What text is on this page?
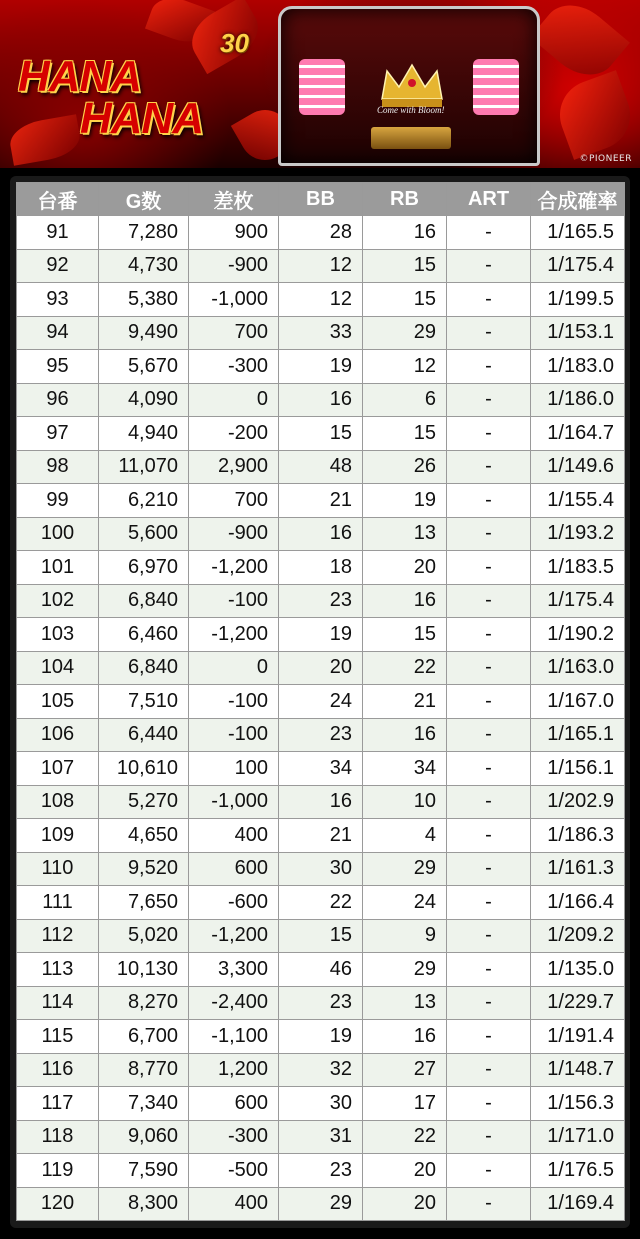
Come with Bloom!
HANA
HANA
30
©PIONEER
台番	G数	差枚	BB	RB	ART	合成確率
91	7,280	900	28	16	-	1/165.5
92	4,730	-900	12	15	-	1/175.4
93	5,380	-1,000	12	15	-	1/199.5
94	9,490	700	33	29	-	1/153.1
95	5,670	-300	19	12	-	1/183.0
96	4,090	0	16	6	-	1/186.0
97	4,940	-200	15	15	-	1/164.7
98	11,070	2,900	48	26	-	1/149.6
99	6,210	700	21	19	-	1/155.4
100	5,600	-900	16	13	-	1/193.2
101	6,970	-1,200	18	20	-	1/183.5
102	6,840	-100	23	16	-	1/175.4
103	6,460	-1,200	19	15	-	1/190.2
104	6,840	0	20	22	-	1/163.0
105	7,510	-100	24	21	-	1/167.0
106	6,440	-100	23	16	-	1/165.1
107	10,610	100	34	34	-	1/156.1
108	5,270	-1,000	16	10	-	1/202.9
109	4,650	400	21	4	-	1/186.3
110	9,520	600	30	29	-	1/161.3
111	7,650	-600	22	24	-	1/166.4
112	5,020	-1,200	15	9	-	1/209.2
113	10,130	3,300	46	29	-	1/135.0
114	8,270	-2,400	23	13	-	1/229.7
115	6,700	-1,100	19	16	-	1/191.4
116	8,770	1,200	32	27	-	1/148.7
117	7,340	600	30	17	-	1/156.3
118	9,060	-300	31	22	-	1/171.0
119	7,590	-500	23	20	-	1/176.5
120	8,300	400	29	20	-	1/169.4
